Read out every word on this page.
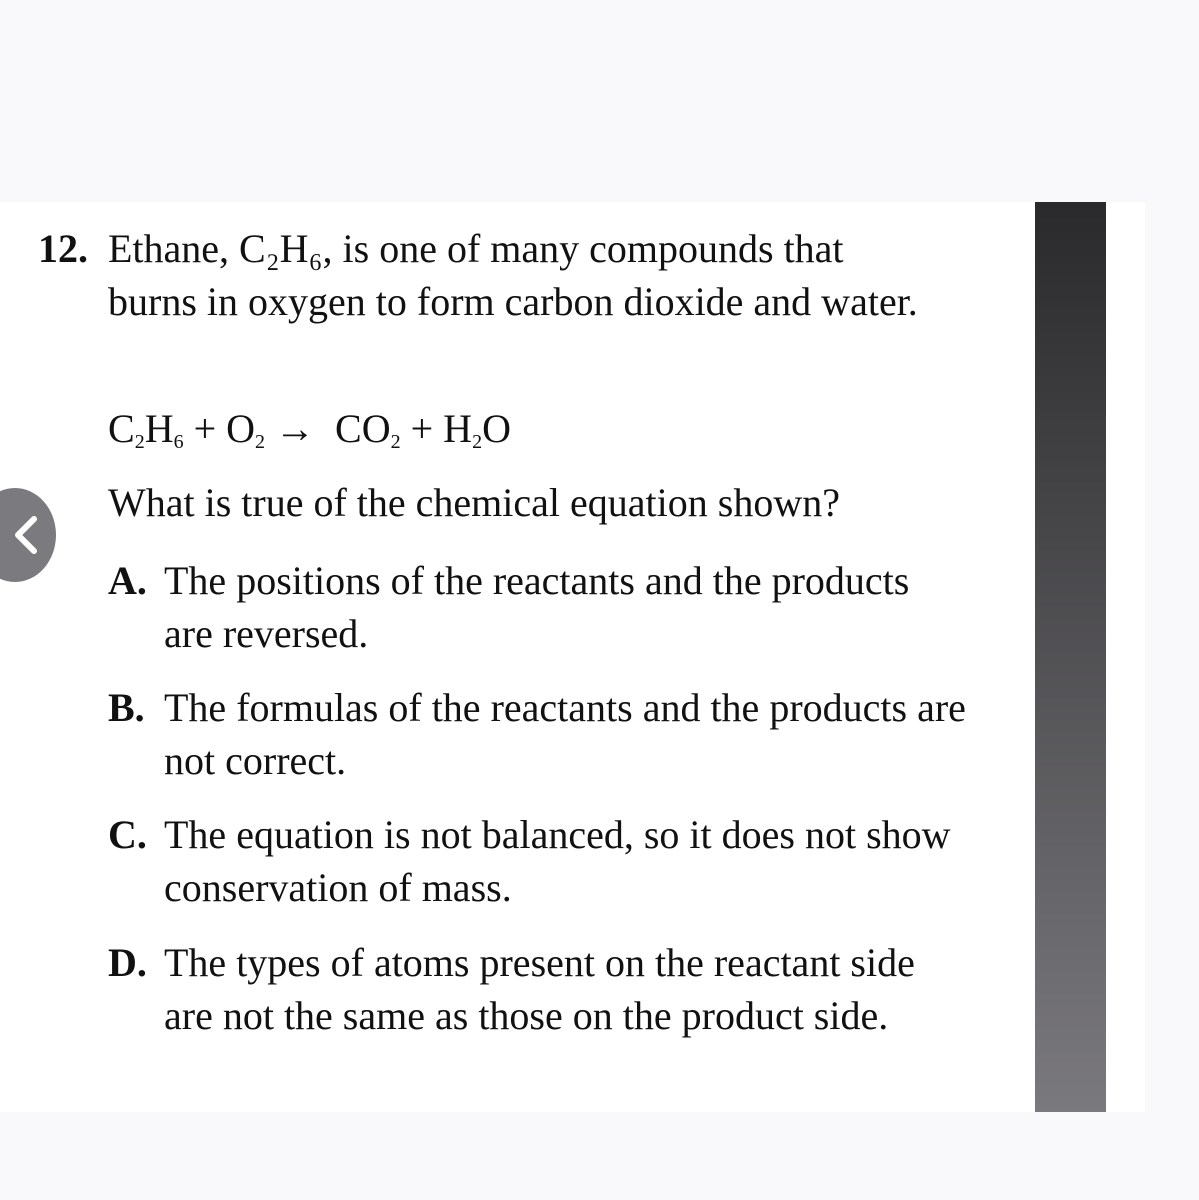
12. Ethane, C₂H₆, is one of many compounds that burns in oxygen to form carbon dioxide and water.
$C_2H_6 + O_2 \to CO_2 + H_2O$
What is true of the chemical equation shown?
A. The positions of the reactants and the products are reversed.
B. The formulas of the reactants and the products are not correct.
C. The equation is not balanced, so it does not show conservation of mass.
D. The types of atoms present on the reactant side are not the same as those on the product side.
